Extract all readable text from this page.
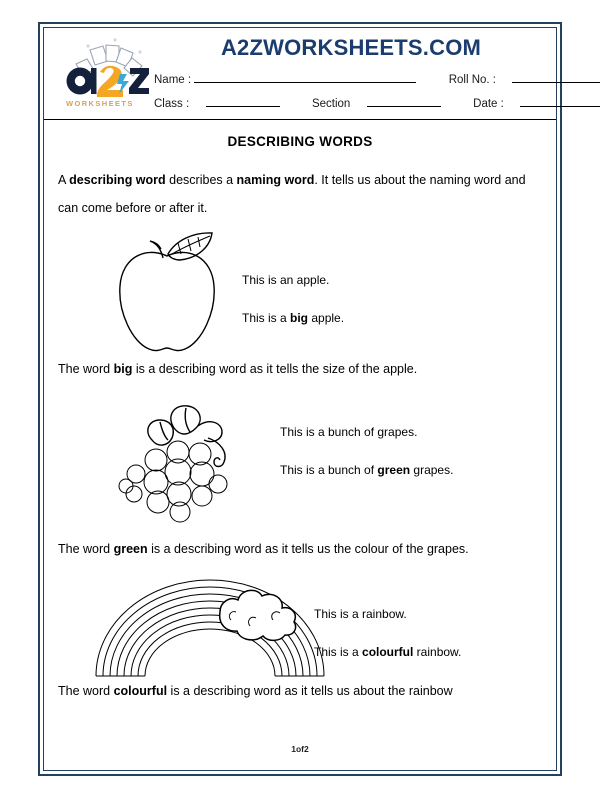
WORKSHEETS
A2ZWORKSHEETS.COM
Name :	Roll No. :
Class :	Section	Date :
DESCRIBING WORDS

A describing word describes a naming word. It tells us about the naming word and can come before or after it.

This is an apple.
This is a big apple.

The word big is a describing word as it tells the size of the apple.

This is a bunch of grapes.
This is a bunch of green grapes.

The word green is a describing word as it tells us the colour of the grapes.

This is a rainbow.
This is a colourful rainbow.

The word colourful is a describing word as it tells us about the rainbow

1of2
